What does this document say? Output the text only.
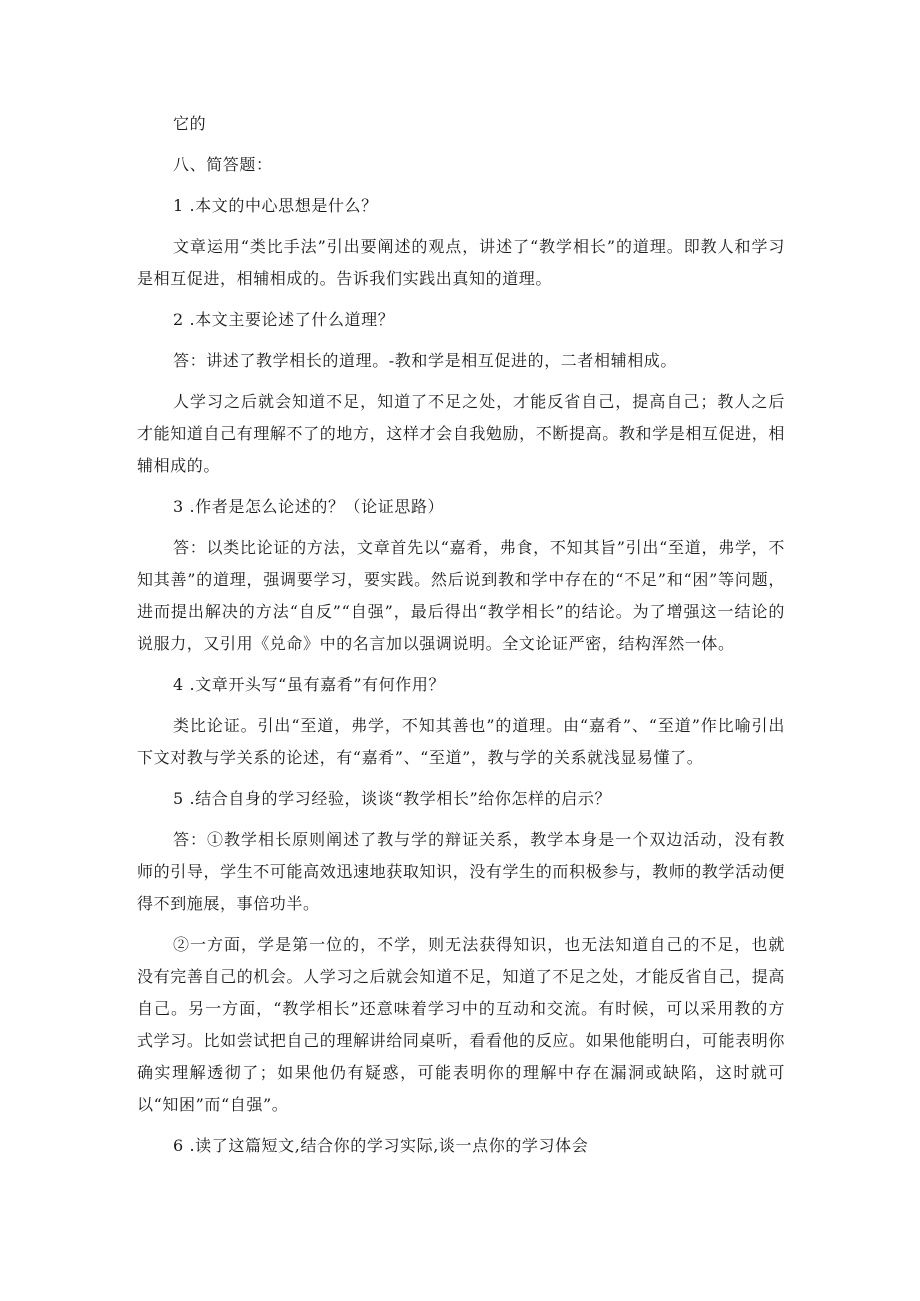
它的

八、简答题：

1 .本文的中心思想是什么？

文章运用“类比手法”引出要阐述的观点，讲述了“教学相长”的道理。即教人和学习是相互促进，相辅相成的。告诉我们实践出真知的道理。

2 .本文主要论述了什么道理？

答：讲述了教学相长的道理。-教和学是相互促进的，二者相辅相成。

人学习之后就会知道不足，知道了不足之处，才能反省自己，提高自己；教人之后才能知道自己有理解不了的地方，这样才会自我勉励，不断提高。教和学是相互促进，相辅相成的。

3 .作者是怎么论述的？（论证思路）

答：以类比论证的方法，文章首先以“嘉肴，弗食，不知其旨”引出“至道，弗学，不知其善”的道理，强调要学习，要实践。然后说到教和学中存在的“不足”和“困”等问题，进而提出解决的方法“自反”“自强”，最后得出“教学相长”的结论。为了增强这一结论的说服力，又引用《兑命》中的名言加以强调说明。全文论证严密，结构浑然一体。

4 .文章开头写“虽有嘉肴”有何作用？

类比论证。引出“至道，弗学，不知其善也”的道理。由“嘉肴”、“至道”作比喻引出下文对教与学关系的论述，有“嘉肴”、“至道”，教与学的关系就浅显易懂了。

5 .结合自身的学习经验，谈谈“教学相长”给你怎样的启示？

答：①教学相长原则阐述了教与学的辩证关系，教学本身是一个双边活动，没有教师的引导，学生不可能高效迅速地获取知识，没有学生的而积极参与，教师的教学活动便得不到施展，事倍功半。

②一方面，学是第一位的，不学，则无法获得知识，也无法知道自己的不足，也就没有完善自己的机会。人学习之后就会知道不足，知道了不足之处，才能反省自己，提高自己。另一方面，“教学相长”还意味着学习中的互动和交流。有时候，可以采用教的方式学习。比如尝试把自己的理解讲给同桌听，看看他的反应。如果他能明白，可能表明你确实理解透彻了；如果他仍有疑惑，可能表明你的理解中存在漏洞或缺陷，这时就可以“知困”而“自强”。

6 .读了这篇短文,结合你的学习实际,谈一点你的学习体会
